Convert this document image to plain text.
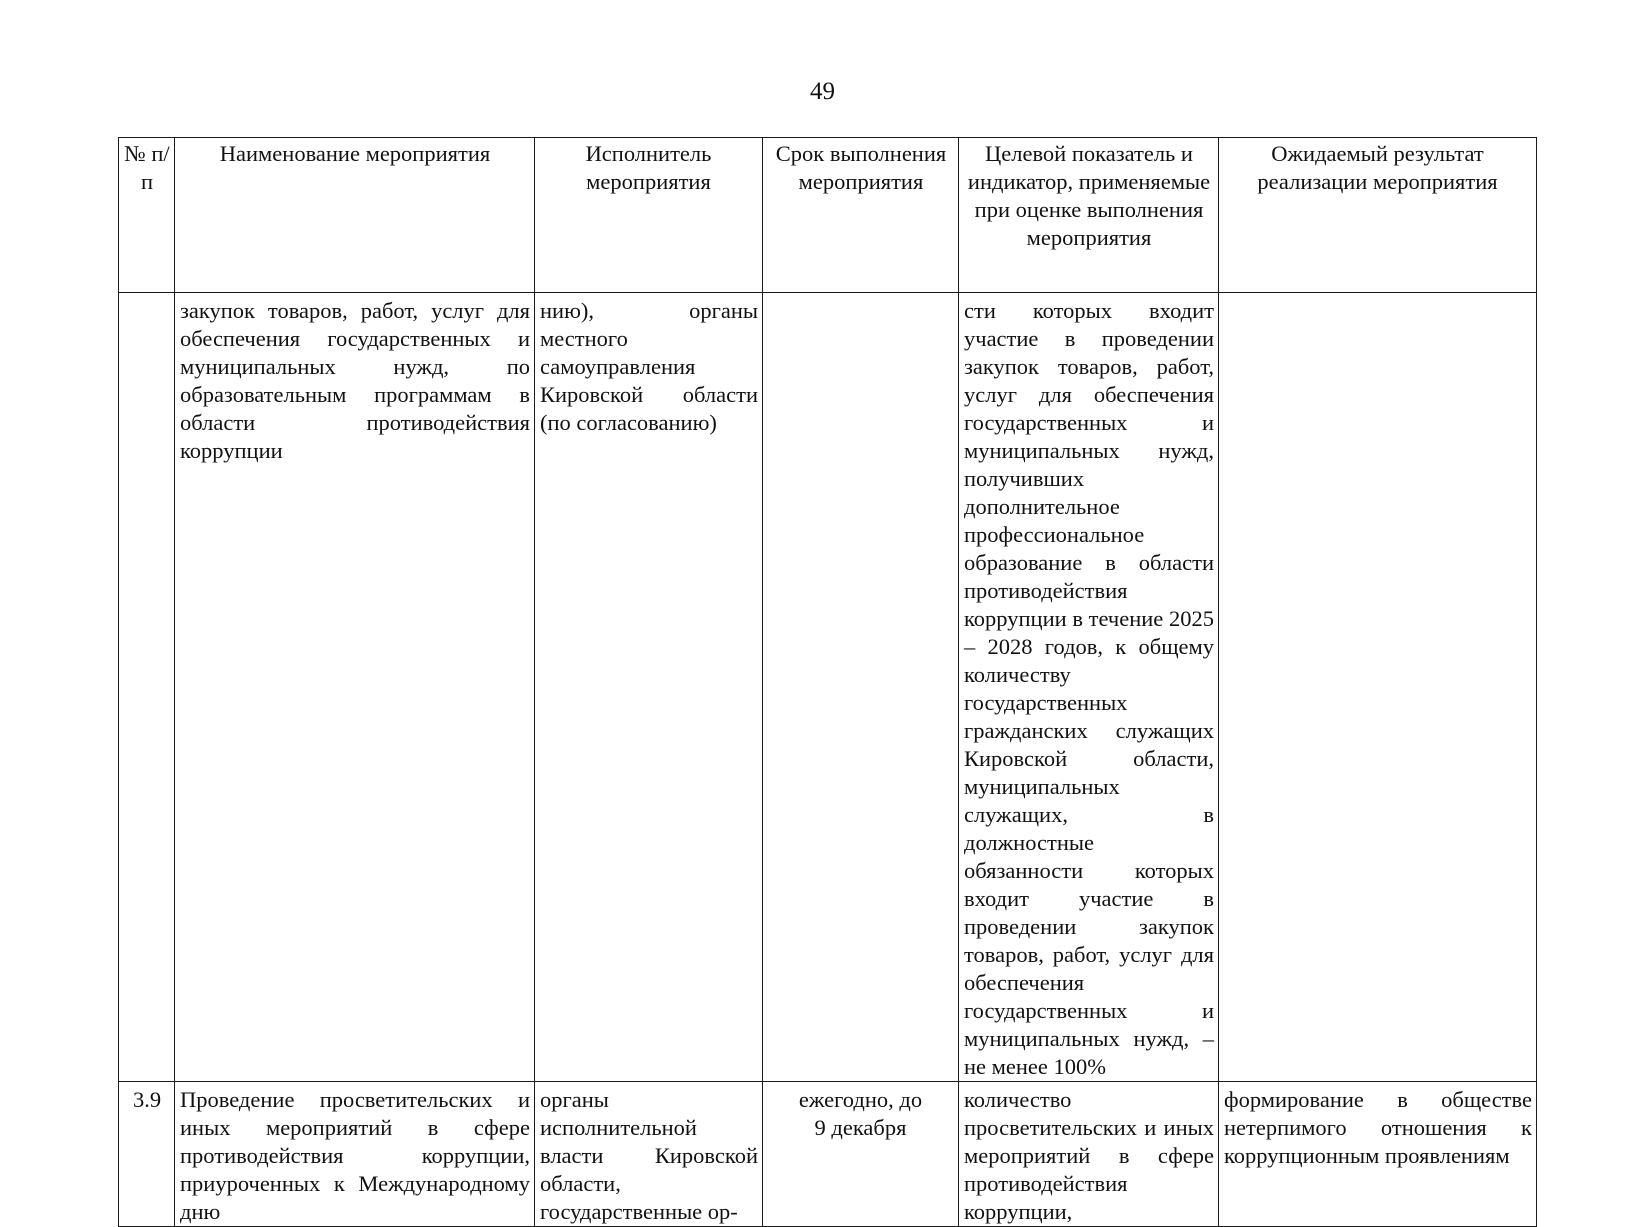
49
№ п/п	Наименование мероприятия	Исполнитель мероприятия	Срок выполнения мероприятия	Целевой показатель и индикатор, применяемые при оценке выполнения мероприятия	Ожидаемый результат реализации мероприятия
	закупок товаров, работ, услуг для обеспечения государственных и муниципальных нужд, по образовательным программам в области противодействия коррупции	нию), органы местного самоуправления Кировской области (по согласованию)		сти которых входит участие в проведении закупок товаров, работ, услуг для обеспечения государственных и муниципальных нужд, получивших дополнительное профессиональное образование в области противодействия коррупции в течение 2025 – 2028 годов, к общему количеству государственных гражданских служащих Кировской области, муниципальных служащих, в должностные обязанности которых входит участие в проведении закупок товаров, работ, услуг для обеспечения государственных и муниципальных нужд, – не менее 100%	
3.9	Проведение просветительских и иных мероприятий в сфере противодействия коррупции, приуроченных к Международному дню	органы исполнительной власти Кировской области, государственные ор-	ежегодно, до 9 декабря	количество просветительских и иных мероприятий в сфере противодействия коррупции,	формирование в обществе нетерпимого отношения к коррупционным проявлениям
